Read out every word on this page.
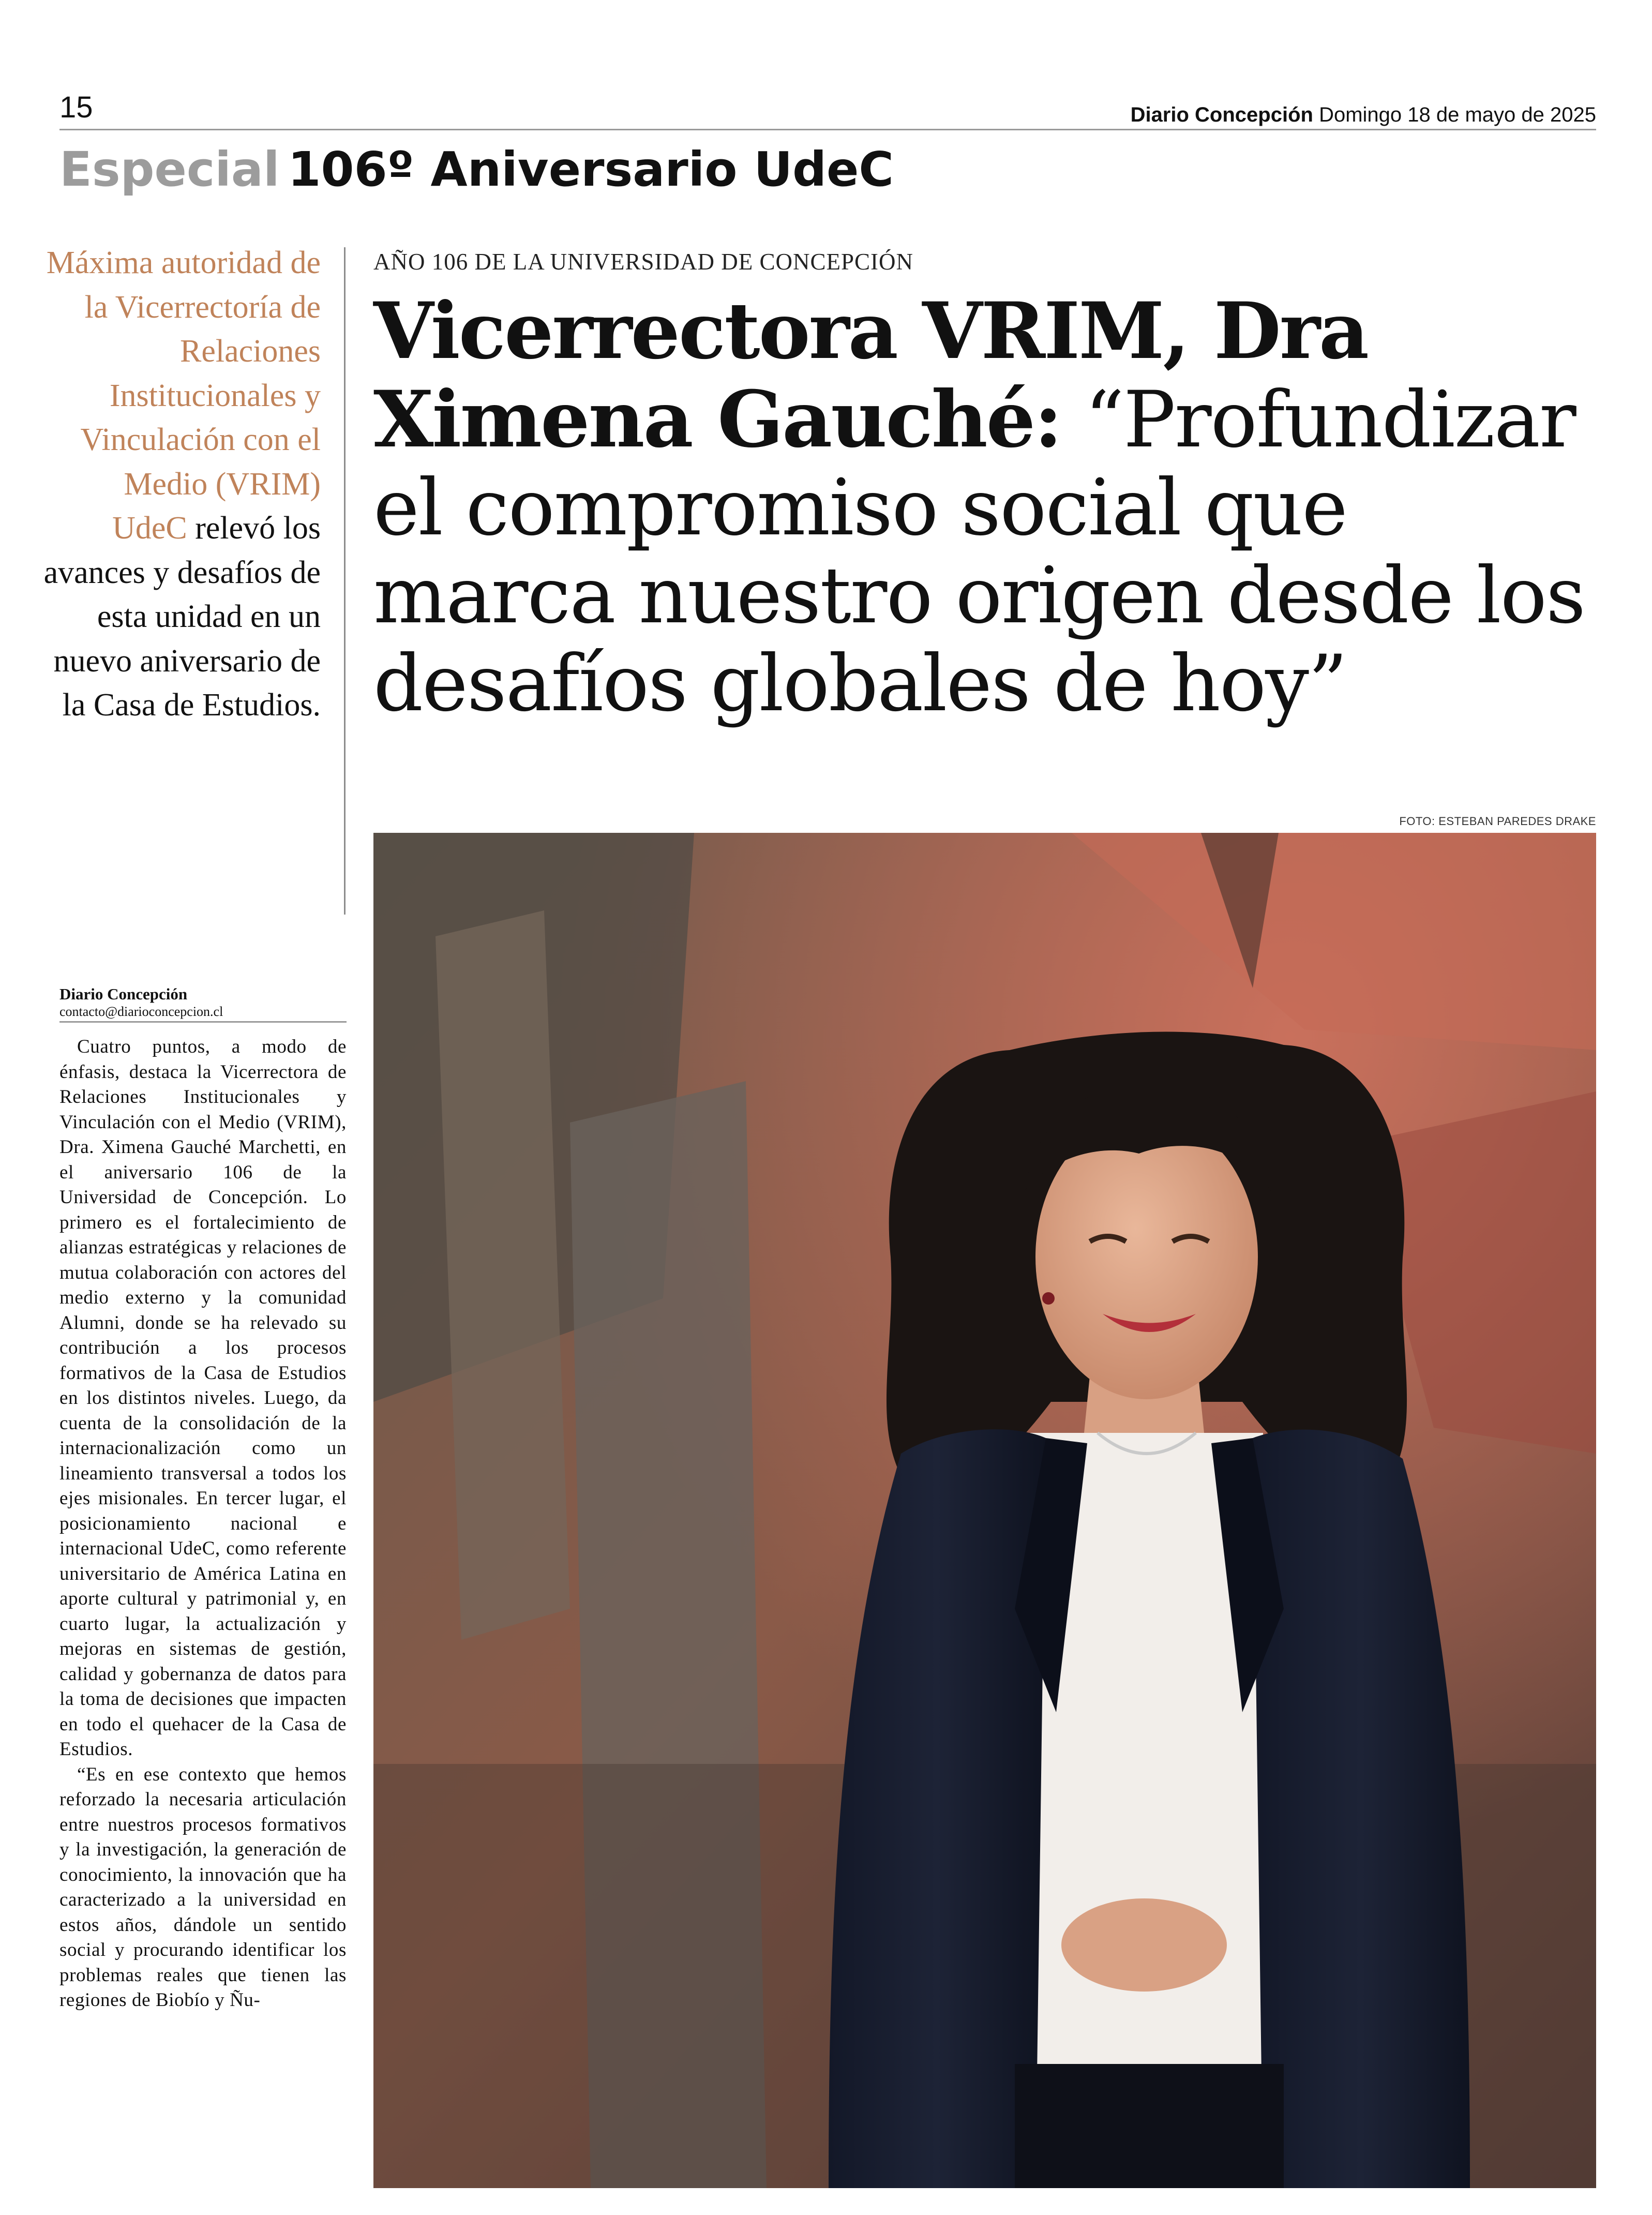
15	Diario Concepción Domingo 18 de mayo de 2025
Especial 106º Aniversario UdeC
Máxima autoridad de la Vicerrectoría de Relaciones Institucionales y Vinculación con el Medio (VRIM) UdeC relevó los avances y desafíos de esta unidad en un nuevo aniversario de la Casa de Estudios.
Diario Concepción
contacto@diarioconcepcion.cl

Cuatro puntos, a modo de énfasis, destaca la Vicerrectora de Relaciones Institucionales y Vinculación con el Medio (VRIM), Dra. Ximena Gauché Marchetti, en el aniversario 106 de la Universidad de Concepción. Lo primero es el fortalecimiento de alianzas estratégicas y relaciones de mutua colaboración con actores del medio externo y la comunidad Alumni, donde se ha relevado su contribución a los procesos formativos de la Casa de Estudios en los distintos niveles. Luego, da cuenta de la consolidación de la internacionalización como un lineamiento transversal a todos los ejes misionales. En tercer lugar, el posicionamiento nacional e internacional UdeC, como referente universitario de América Latina en aporte cultural y patrimonial y, en cuarto lugar, la actualización y mejoras en sistemas de gestión, calidad y gobernanza de datos para la toma de decisiones que impacten en todo el quehacer de la Casa de Estudios.

“Es en ese contexto que hemos reforzado la necesaria articulación entre nuestros procesos formativos y la investigación, la generación de conocimiento, la innovación que ha caracterizado a la universidad en estos años, dándole un sentido social y procurando identificar los problemas reales que tienen las regiones de Biobío y Ñu-

AÑO 106 DE LA UNIVERSIDAD DE CONCEPCIÓN
Vicerrectora VRIM, Dra Ximena Gauché: “Profundizar el compromiso social que marca nuestro origen desde los desafíos globales de hoy”
FOTO: ESTEBAN PAREDES DRAKE
